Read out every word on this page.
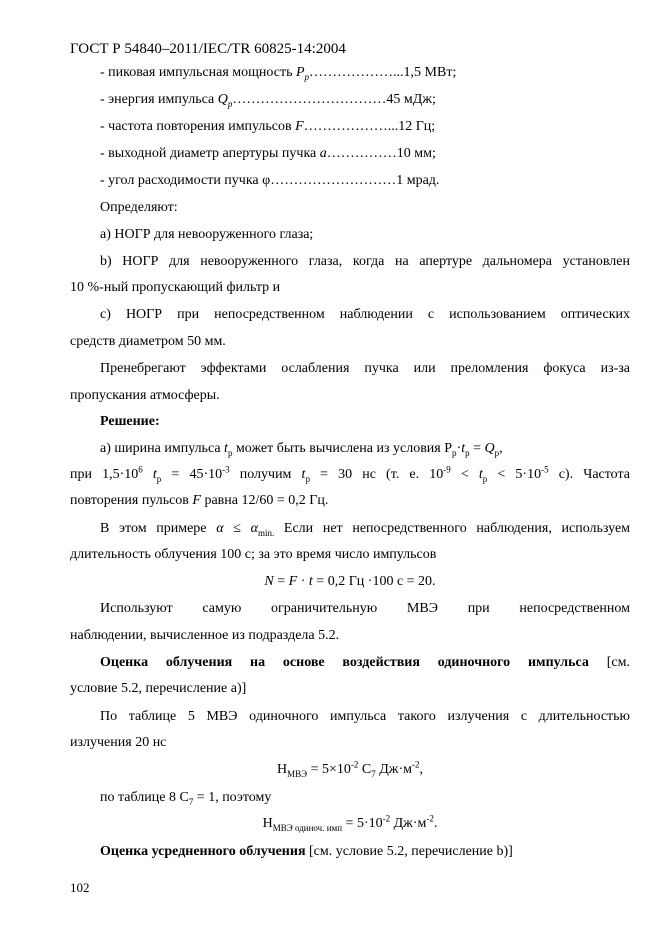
ГОСТ Р 54840–2011/IEC/TR 60825-14:2004
- пиковая импульсная мощность $P_p\dots\dots\dots\dots\dots\dots...1,5$ МВт;
- энергия импульса $Q_p\dots\dots\dots\dots\dots\dots\dots\dots\dots\dots\dots 45$ мДж;
- частота повторения импульсов F………………...12 Гц;
- выходной диаметр апертуры пучка a……………10 мм;
- угол расходимости пучка φ………………………1 мрад.
Определяют:
а) НОГР для невооруженного глаза;
b) НОГР для невооруженного глаза, когда на апертуре дальномера установлен
10 %-ный пропускающий фильтр и
с) НОГР при непосредственном наблюдении с использованием оптических
средств диаметром 50 мм.
Пренебрегают эффектами ослабления пучка или преломления фокуса из-за
пропускания атмосферы.
Решение:
а) ширина импульса $t_p$ может быть вычислена из условия $P_p\cdot t_p = Q_p$,
при $1,5\cdot 10^6$ $t_p = 45\cdot 10^{-3}$ получим $t_p = 30$ нс (т. е. $10^{-9} < t_p < 5\cdot 10^{-5}$ с). Частота
повторения пульсов F равна 12/60 = 0,2 Гц.
В этом примере $\alpha \le \alpha_{min.}$ Если нет непосредственного наблюдения, используем
длительность облучения 100 с; за это время число импульсов
N = F · t = 0,2 Гц ·100 с = 20.
Используют самую ограничительную МВЭ при непосредственном
наблюдении, вычисленное из подраздела 5.2.
Оценка облучения на основе воздействия одиночного импульса [см.
условие 5.2, перечисление а)]
По таблице 5 МВЭ одиночного импульса такого излучения с длительностью
излучения 20 нс
$H_{МВЭ} = 5\times 10^{-2}$ $C_7$ $Дж\cdot м^{-2}$,
по таблице 8 $C_7 = 1$, поэтому
$H_{МВЭ одиноч. имп} = 5\cdot 10^{-2}$ $Дж\cdot м^{-2}$.
Оценка усредненного облучения [см. условие 5.2, перечисление b)]
102
